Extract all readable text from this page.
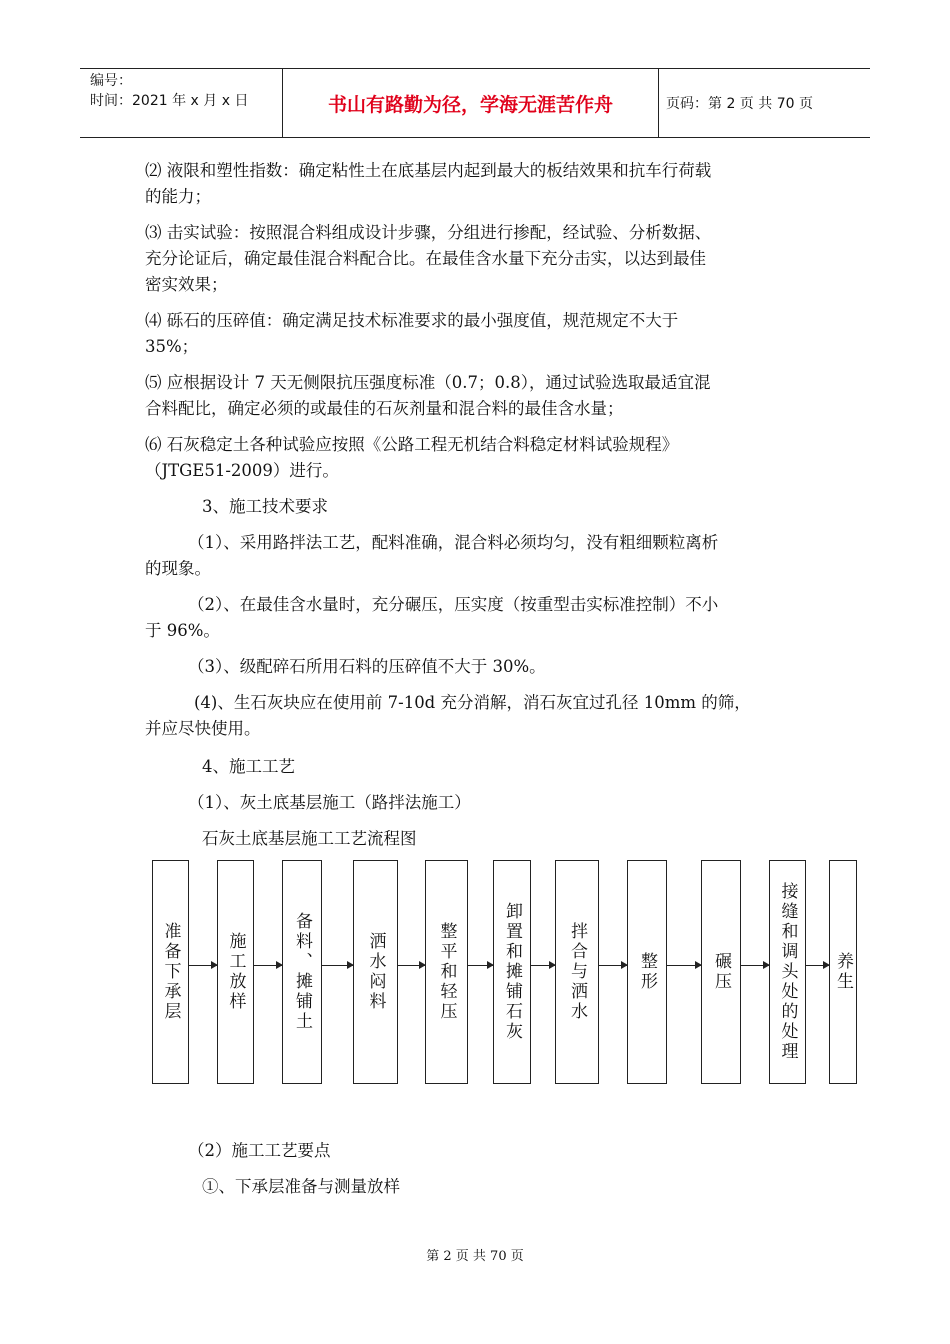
编号：
时间：2021 年 x 月 x 日	书山有路勤为径，学海无涯苦作舟	页码：第 2 页 共 70 页

⑵ 液限和塑性指数：确定粘性土在底基层内起到最大的板结效果和抗车行荷载

的能力；

⑶ 击实试验：按照混合料组成设计步骤，分组进行掺配，经试验、分析数据、

充分论证后，确定最佳混合料配合比。在最佳含水量下充分击实，以达到最佳

密实效果；

⑷ 砾石的压碎值：确定满足技术标准要求的最小强度值，规范规定不大于

35%；

⑸ 应根据设计 7 天无侧限抗压强度标准（0.7；0.8），通过试验选取最适宜混

合料配比，确定必须的或最佳的石灰剂量和混合料的最佳含水量；

⑹ 石灰稳定土各种试验应按照《公路工程无机结合料稳定材料试验规程》

（JTGE51-2009）进行。

3、施工技术要求

（1）、采用路拌法工艺，配料准确，混合料必须均匀，没有粗细颗粒离析

的现象。

（2）、在最佳含水量时，充分碾压，压实度（按重型击实标准控制）不小

于 96%。

（3）、级配碎石所用石料的压碎值不大于 30%。

(4)、生石灰块应在使用前 7-10d 充分消解，消石灰宜过孔径 10mm 的筛，

并应尽快使用。

4、施工工艺

（1）、灰土底基层施工（路拌法施工）

石灰土底基层施工工艺流程图

准备下承层	施工放样	备料、摊铺土	洒水闷料	整平和轻压	卸置和摊铺石灰	拌合与洒水	整形	碾压	接缝和调头处的处理 养生

（2）施工工艺要点

①、下承层准备与测量放样

第 2 页 共 70 页
